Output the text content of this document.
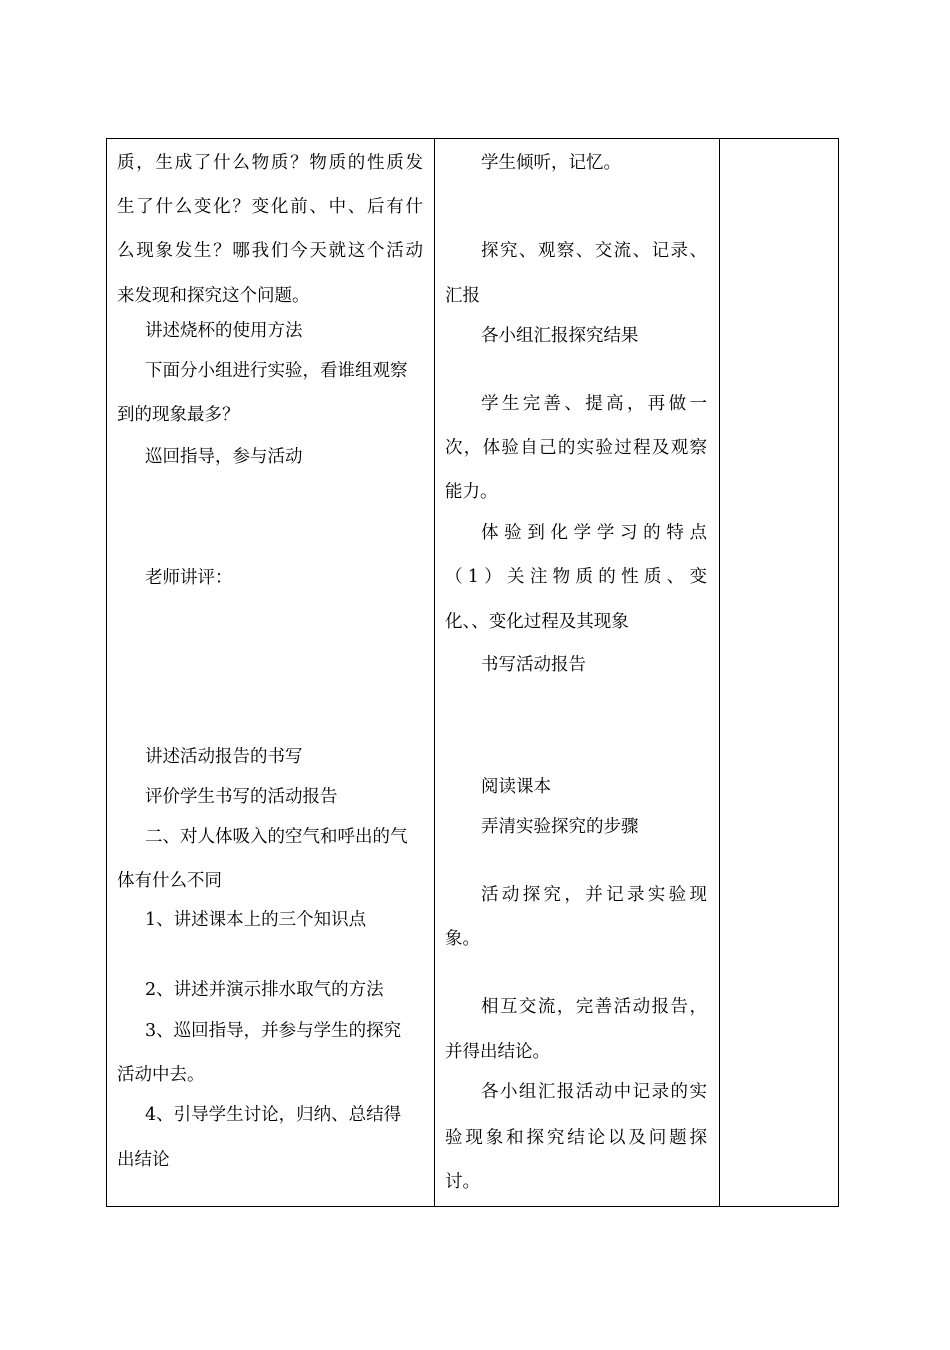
质，生成了什么物质？物质的性质发
生了什么变化？变化前、中、后有什
么现象发生？哪我们今天就这个活动
来发现和探究这个问题。
讲述烧杯的使用方法
下面分小组进行实验，看谁组观察
到的现象最多？
巡回指导，参与活动
老师讲评：
讲述活动报告的书写
评价学生书写的活动报告
二、对人体吸入的空气和呼出的气
体有什么不同
1、讲述课本上的三个知识点
2、讲述并演示排水取气的方法
3、巡回指导，并参与学生的探究
活动中去。
4、引导学生讨论，归纳、总结得
出结论
学生倾听，记忆。
探究、观察、交流、记录、
汇报
各小组汇报探究结果
学生完善、提高，再做一
次，体验自己的实验过程及观察
能力。
体验到化学学习的特点
（1）关注物质的性质、变
化、、变化过程及其现象
书写活动报告
阅读课本
弄清实验探究的步骤
活动探究，并记录实验现
象。
相互交流，完善活动报告，
并得出结论。
各小组汇报活动中记录的实
验现象和探究结论以及问题探
讨。
